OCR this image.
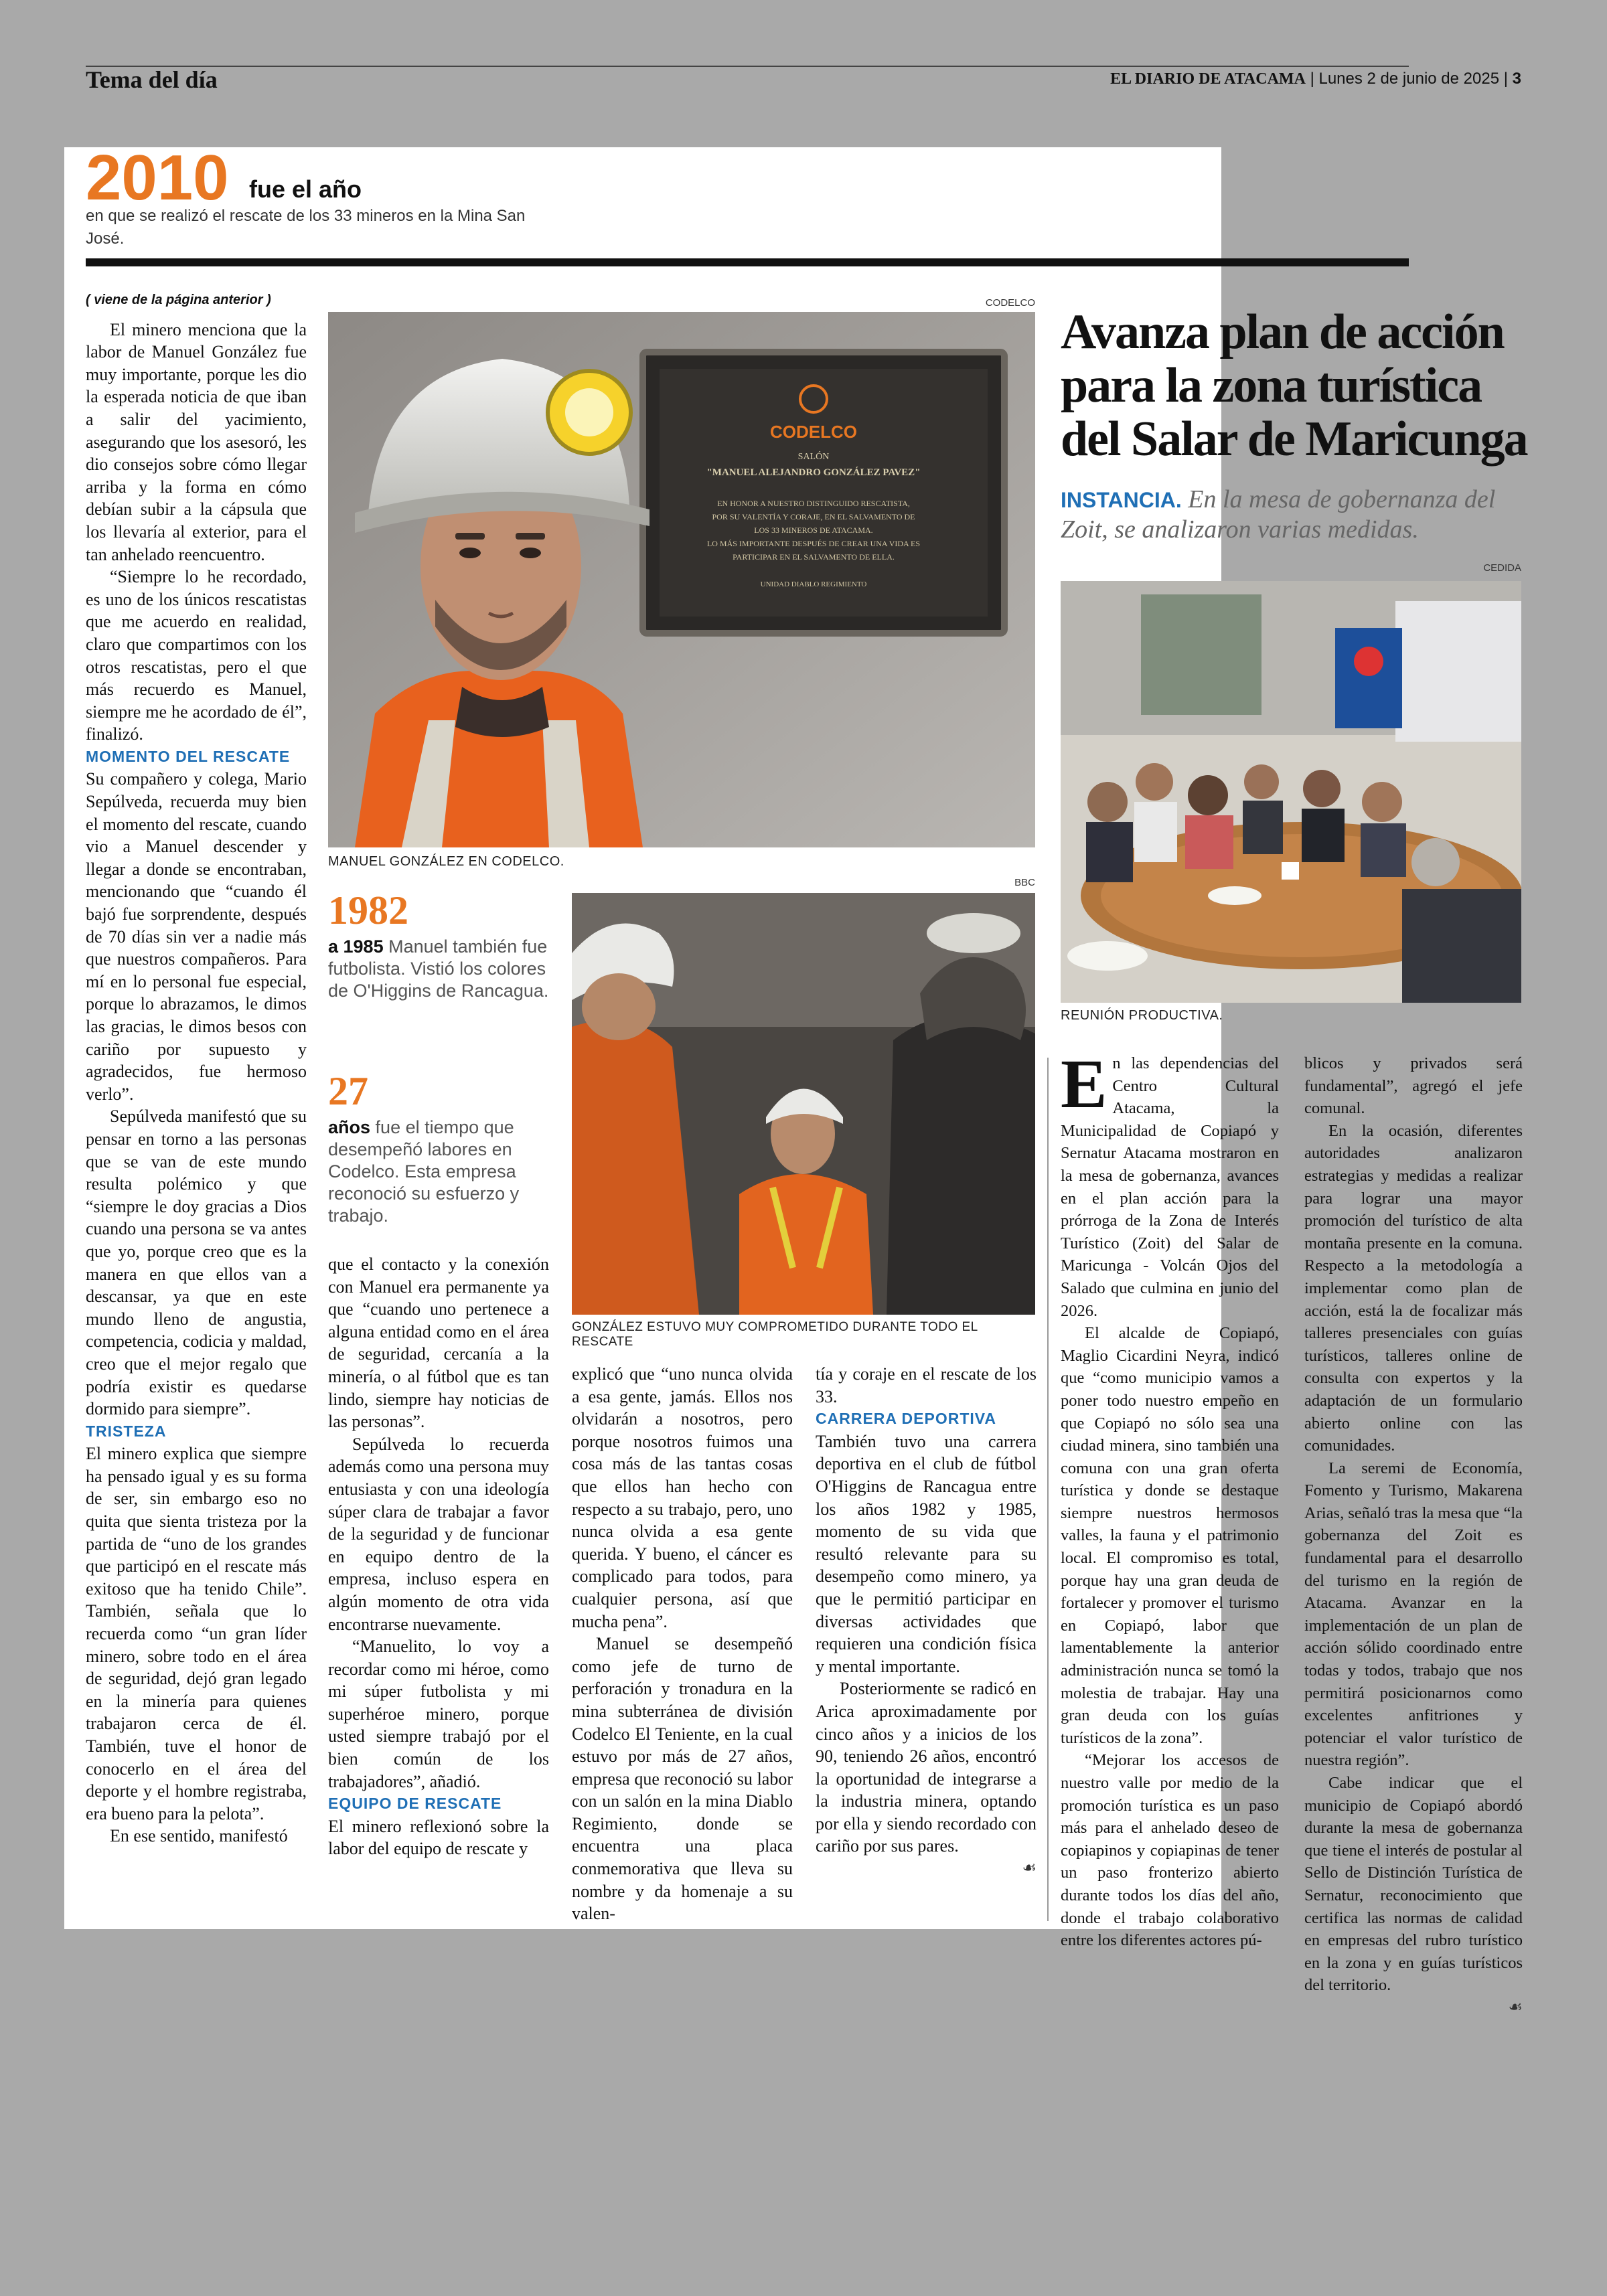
Tema del día	EL DIARIO DE ATACAMA | Lunes 2 de junio de 2025 | 3
2010 fue el año
en que se realizó el rescate de los 33 mineros en la Mina San José.

( viene de la página anterior )

El minero menciona que la labor de Manuel González fue muy importante, porque les dio la esperada noticia de que iban a salir del yacimiento, asegurando que los asesoró, les dio consejos sobre cómo llegar arriba y la forma en cómo debían subir a la cápsula que los llevaría al exterior, para el tan anhelado reencuentro.

“Siempre lo he recordado, es uno de los únicos rescatistas que me acuerdo en realidad, claro que compartimos con los otros rescatistas, pero el que más recuerdo es Manuel, siempre me he acordado de él”, finalizó.

MOMENTO DEL RESCATE

Su compañero y colega, Mario Sepúlveda, recuerda muy bien el momento del rescate, cuando vio a Manuel descender y llegar a donde se encontraban, mencionando que “cuando él bajó fue sorprendente, después de 70 días sin ver a nadie más que nuestros compañeros. Para mí en lo personal fue especial, porque lo abrazamos, le dimos las gracias, le dimos besos con cariño por supuesto y agradecidos, fue hermoso verlo”.

Sepúlveda manifestó que su pensar en torno a las personas que se van de este mundo resulta polémico y que “siempre le doy gracias a Dios cuando una persona se va antes que yo, porque creo que es la manera en que ellos van a descansar, ya que en este mundo lleno de angustia, competencia, codicia y maldad, creo que el mejor regalo que podría existir es quedarse dormido para siempre”.

TRISTEZA

El minero explica que siempre ha pensado igual y es su forma de ser, sin embargo eso no quita que sienta tristeza por la partida de “uno de los grandes que participó en el rescate más exitoso que ha tenido Chile”. También, señala que lo recuerda como “un gran líder minero, sobre todo en el área de seguridad, dejó gran legado en la minería para quienes trabajaron cerca de él. También, tuve el honor de conocerlo en el área del deporte y el hombre registraba, era bueno para la pelota”.

En ese sentido, manifestó

CODELCO
CODELCO
SALÓN
"MANUEL ALEJANDRO GONZÁLEZ PAVEZ"
EN HONOR A NUESTRO DISTINGUIDO RESCATISTA,
POR SU VALENTÍA Y CORAJE, EN EL SALVAMENTO DE
LOS 33 MINEROS DE ATACAMA.
LO MÁS IMPORTANTE DESPUÉS DE CREAR UNA VIDA ES
PARTICIPAR EN EL SALVAMENTO DE ELLA.
UNIDAD DIABLO REGIMIENTO
MANUEL GONZÁLEZ EN CODELCO.
1982
a 1985 Manuel también fue futbolista. Vistió los colores de O'Higgins de Rancagua.
27
años fue el tiempo que desempeñó labores en Codelco. Esta empresa reconoció su esfuerzo y trabajo.
BBC
GONZÁLEZ ESTUVO MUY COMPROMETIDO DURANTE TODO EL RESCATE

que el contacto y la conexión con Manuel era permanente ya que “cuando uno pertenece a alguna entidad como en el área de seguridad, cercanía a la minería, o al fútbol que es tan lindo, siempre hay noticias de las personas”.

Sepúlveda lo recuerda además como una persona muy entusiasta y con una ideología súper clara de trabajar a favor de la seguridad y de funcionar en equipo dentro de la empresa, incluso espera en algún momento de otra vida encontrarse nuevamente.

“Manuelito, lo voy a recordar como mi héroe, como mi súper futbolista y mi superhéroe minero, porque usted siempre trabajó por el bien común de los trabajadores”, añadió.

EQUIPO DE RESCATE

El minero reflexionó sobre la labor del equipo de rescate y

explicó que “uno nunca olvida a esa gente, jamás. Ellos nos olvidarán a nosotros, pero porque nosotros fuimos una cosa más de las tantas cosas que ellos han hecho con respecto a su trabajo, pero, uno nunca olvida a esa gente querida. Y bueno, el cáncer es complicado para todos, para cualquier persona, así que mucha pena”.

Manuel se desempeñó como jefe de turno de perforación y tronadura en la mina subterránea de división Codelco El Teniente, en la cual estuvo por más de 27 años, empresa que reconoció su labor con un salón en la mina Diablo Regimiento, donde se encuentra una placa conmemorativa que lleva su nombre y da homenaje a su valen-

tía y coraje en el rescate de los 33.

CARRERA DEPORTIVA

También tuvo una carrera deportiva en el club de fútbol O'Higgins de Rancagua entre los años 1982 y 1985, momento de su vida que resultó relevante para su desempeño como minero, ya que le permitió participar en diversas actividades que requieren una condición física y mental importante.

Posteriormente se radicó en Arica aproximadamente por cinco años y a inicios de los 90, teniendo 26 años, encontró la oportunidad de integrarse a la industria minera, optando por ella y siendo recordado con cariño por sus pares.

☙
Avanza plan de acción para la zona turística del Salar de Maricunga
INSTANCIA. En la mesa de gobernanza del Zoit, se analizaron varias medidas.
CEDIDA
REUNIÓN PRODUCTIVA.

En las dependencias del Centro Cultural Atacama, la Municipalidad de Copiapó y Sernatur Atacama mostraron en la mesa de gobernanza, avances en el plan acción para la prórroga de la Zona de Interés Turístico (Zoit) del Salar de Maricunga - Volcán Ojos del Salado que culmina en junio del 2026.

El alcalde de Copiapó, Maglio Cicardini Neyra, indicó que “como municipio vamos a poner todo nuestro empeño en que Copiapó no sólo sea una ciudad minera, sino también una comuna con una gran oferta turística y donde se destaque siempre nuestros hermosos valles, la fauna y el patrimonio local. El compromiso es total, porque hay una gran deuda de fortalecer y promover el turismo en Copiapó, labor que lamentablemente la anterior administración nunca se tomó la molestia de trabajar. Hay una gran deuda con los guías turísticos de la zona”.

“Mejorar los accesos de nuestro valle por medio de la promoción turística es un paso más para el anhelado deseo de copiapinos y copiapinas de tener un paso fronterizo abierto durante todos los días del año, donde el trabajo colaborativo entre los diferentes actores pú-

blicos y privados será fundamental”, agregó el jefe comunal.

En la ocasión, diferentes autoridades analizaron estrategias y medidas a realizar para lograr una mayor promoción del turístico de alta montaña presente en la comuna. Respecto a la metodología a implementar como plan de acción, está la de focalizar más talleres presenciales con guías turísticos, talleres online de consulta con expertos y la adaptación de un formulario abierto online con las comunidades.

La seremi de Economía, Fomento y Turismo, Makarena Arias, señaló tras la mesa que “la gobernanza del Zoit es fundamental para el desarrollo del turismo en la región de Atacama. Avanzar en la implementación de un plan de acción sólido coordinado entre todas y todos, trabajo que nos permitirá posicionarnos como excelentes anfitriones y potenciar el valor turístico de nuestra región”.

Cabe indicar que el municipio de Copiapó abordó durante la mesa de gobernanza que tiene el interés de postular al Sello de Distinción Turística de Sernatur, reconocimiento que certifica las normas de calidad en empresas del rubro turístico en la zona y en guías turísticos del territorio.

☙
